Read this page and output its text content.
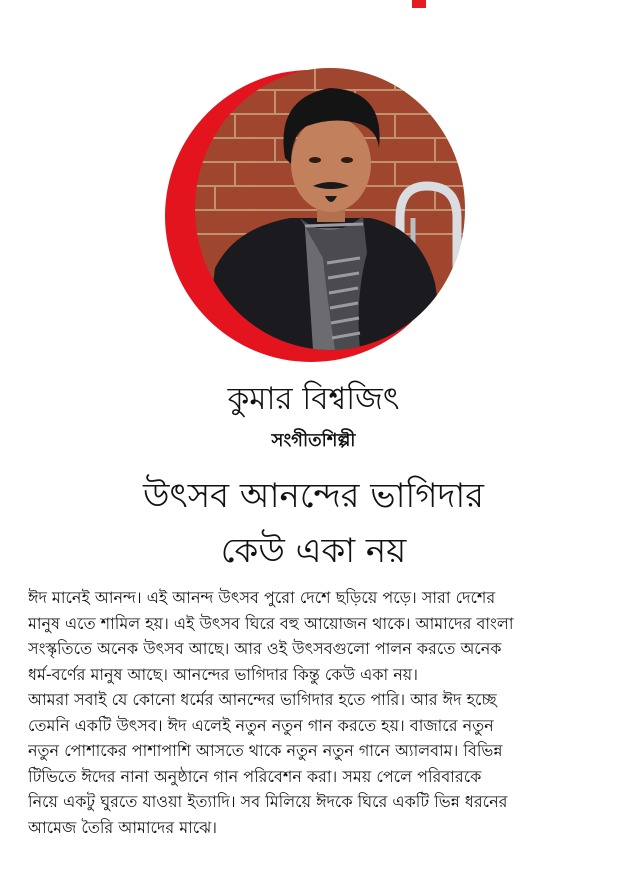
কুমার বিশ্বজিৎ
সংগীতশিল্পী
উৎসব আনন্দের ভাগিদার
কেউ একা নয়
ঈদ মানেই আনন্দ। এই আনন্দ উৎসব পুরো দেশে ছড়িয়ে পড়ে। সারা দেশের
মানুষ এতে শামিল হয়। এই উৎসব ঘিরে বহু আয়োজন থাকে। আমাদের বাংলা
সংস্কৃতিতে অনেক উৎসব আছে। আর ওই উৎসবগুলো পালন করতে অনেক
ধর্ম-বর্ণের মানুষ আছে। আনন্দের ভাগিদার কিন্তু কেউ একা নয়।
আমরা সবাই যে কোনো ধর্মের আনন্দের ভাগিদার হতে পারি। আর ঈদ হচ্ছে
তেমনি একটি উৎসব। ঈদ এলেই নতুন নতুন গান করতে হয়। বাজারে নতুন
নতুন পোশাকের পাশাপাশি আসতে থাকে নতুন নতুন গানে অ্যালবাম। বিভিন্ন
টিভিতে ঈদের নানা অনুষ্ঠানে গান পরিবেশন করা। সময় পেলে পরিবারকে
নিয়ে একটু ঘুরতে যাওয়া ইত্যাদি। সব মিলিয়ে ঈদকে ঘিরে একটি ভিন্ন ধরনের
আমেজ তৈরি আমাদের মাঝে।
